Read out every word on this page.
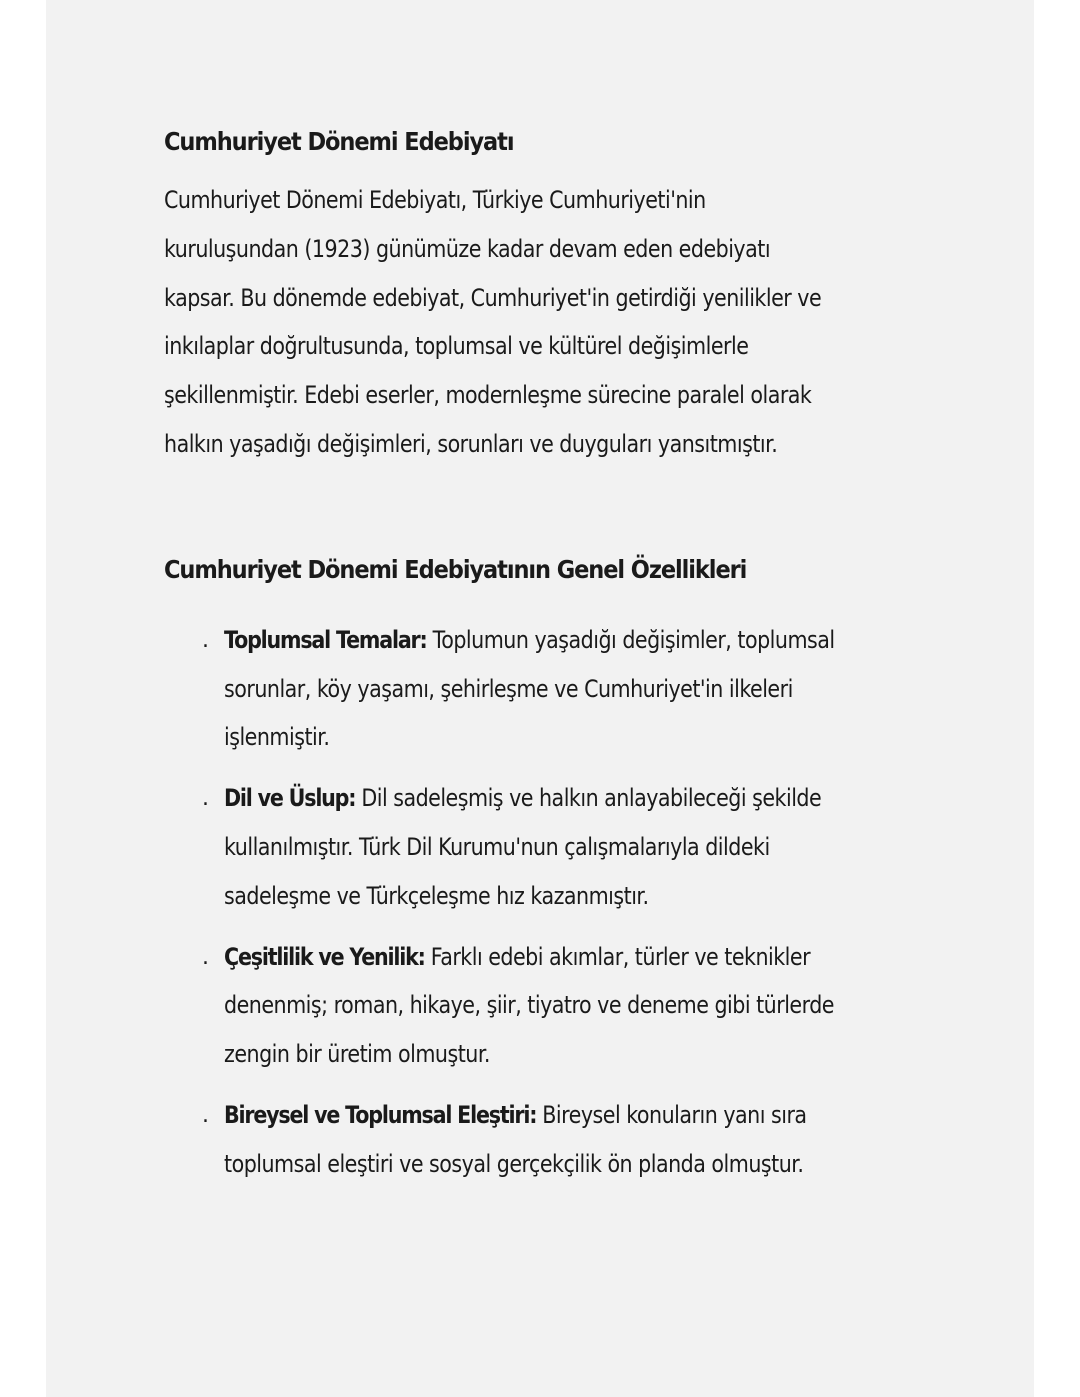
Cumhuriyet Dönemi Edebiyatı

Cumhuriyet Dönemi Edebiyatı, Türkiye Cumhuriyeti'nin
kuruluşundan (1923) günümüze kadar devam eden edebiyatı
kapsar. Bu dönemde edebiyat, Cumhuriyet'in getirdiği yenilikler ve
inkılaplar doğrultusunda, toplumsal ve kültürel değişimlerle
şekillenmiştir. Edebi eserler, modernleşme sürecine paralel olarak
halkın yaşadığı değişimleri, sorunları ve duyguları yansıtmıştır.

Cumhuriyet Dönemi Edebiyatının Genel Özellikleri
. Toplumsal Temalar: Toplumun yaşadığı değişimler, toplumsal
sorunlar, köy yaşamı, şehirleşme ve Cumhuriyet'in ilkeleri
işlenmiştir.
. Dil ve Üslup: Dil sadeleşmiş ve halkın anlayabileceği şekilde
kullanılmıştır. Türk Dil Kurumu'nun çalışmalarıyla dildeki
sadeleşme ve Türkçeleşme hız kazanmıştır.
. Çeşitlilik ve Yenilik: Farklı edebi akımlar, türler ve teknikler
denenmiş; roman, hikaye, şiir, tiyatro ve deneme gibi türlerde
zengin bir üretim olmuştur.
. Bireysel ve Toplumsal Eleştiri: Bireysel konuların yanı sıra
toplumsal eleştiri ve sosyal gerçekçilik ön planda olmuştur.
